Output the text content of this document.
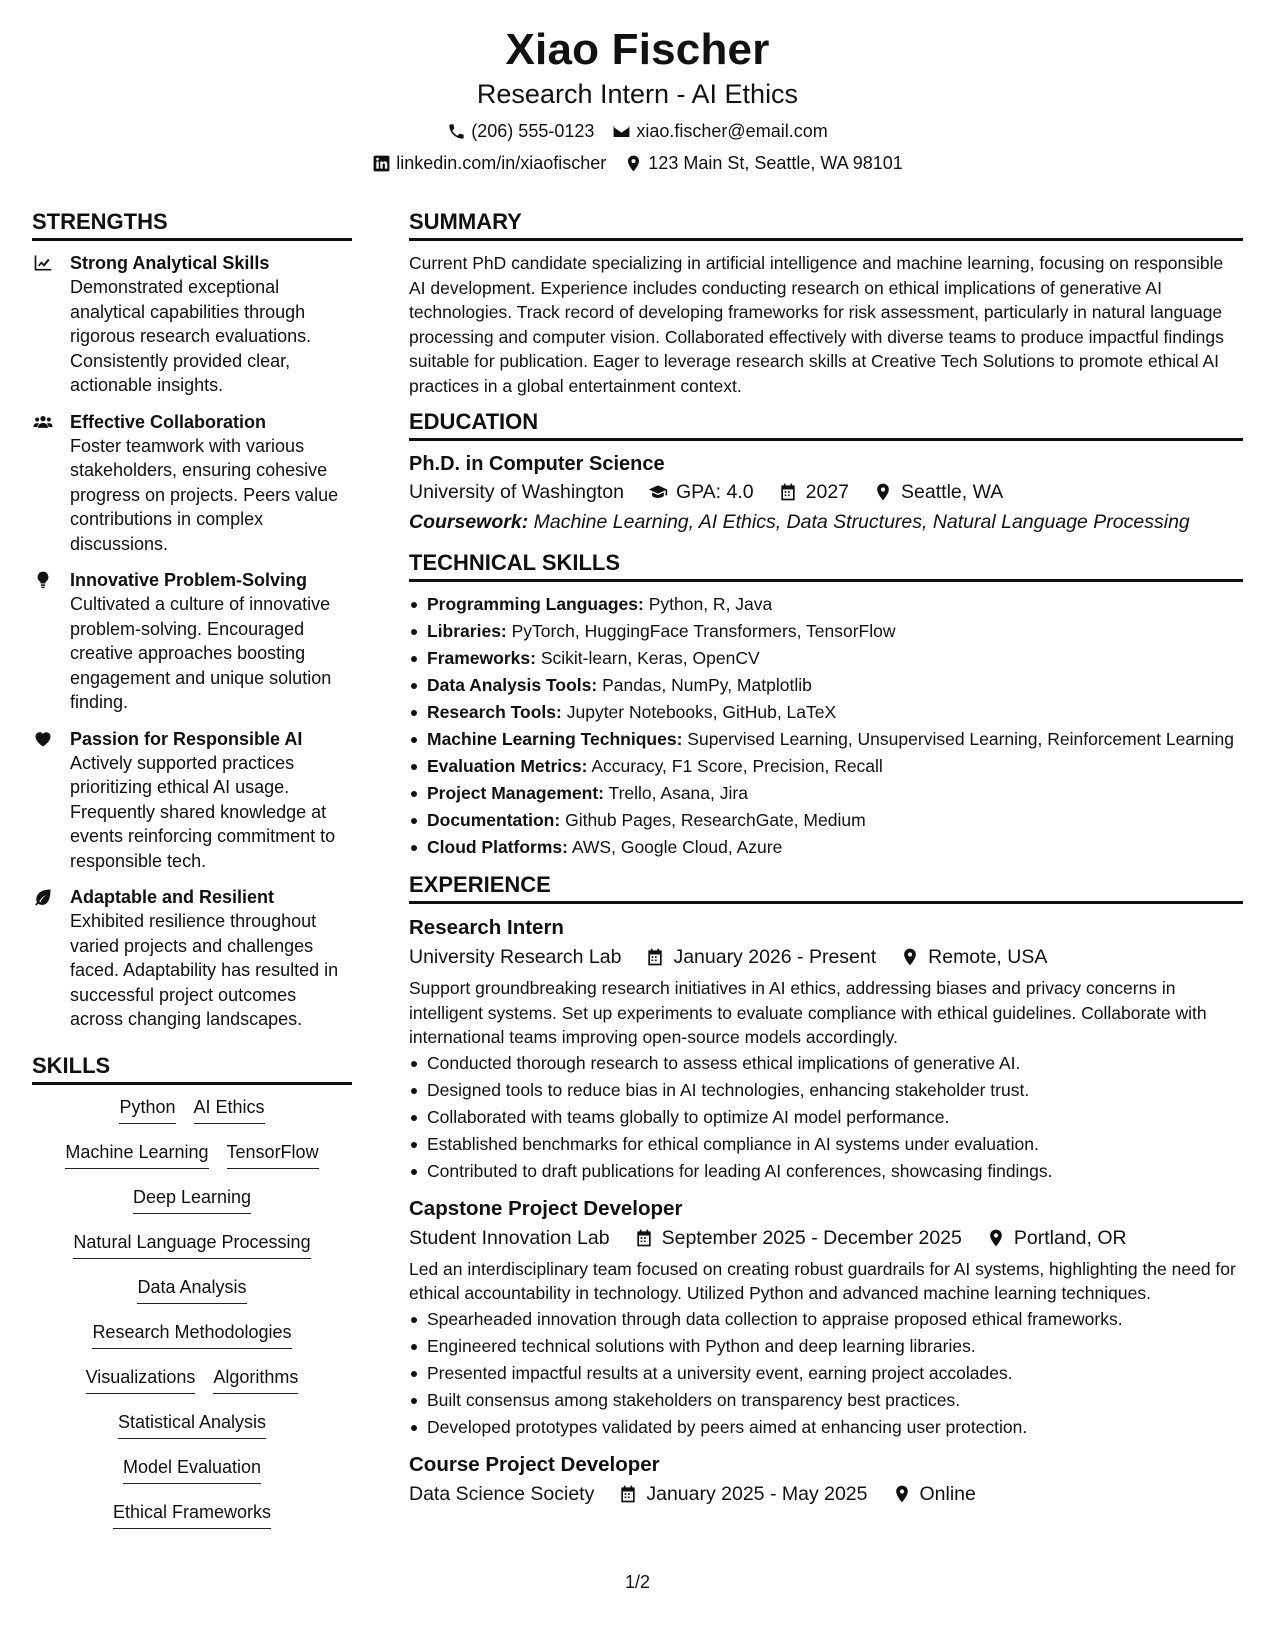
Xiao Fischer
Research Intern - AI Ethics
(206) 555-0123 xiao.fischer@email.com
linkedin.com/in/xiaofischer 123 Main St, Seattle, WA 98101
STRENGTHS
Strong Analytical Skills
Demonstrated exceptional analytical capabilities through rigorous research evaluations. Consistently provided clear, actionable insights.
Effective Collaboration
Foster teamwork with various stakeholders, ensuring cohesive progress on projects. Peers value contributions in complex discussions.
Innovative Problem-Solving
Cultivated a culture of innovative problem-solving. Encouraged creative approaches boosting engagement and unique solution finding.
Passion for Responsible AI
Actively supported practices prioritizing ethical AI usage. Frequently shared knowledge at events reinforcing commitment to responsible tech.
Adaptable and Resilient
Exhibited resilience throughout varied projects and challenges faced. Adaptability has resulted in successful project outcomes across changing landscapes.
SKILLS
Python AI Ethics
Machine Learning TensorFlow
Deep Learning
Natural Language Processing
Data Analysis
Research Methodologies
Visualizations Algorithms
Statistical Analysis
Model Evaluation
Ethical Frameworks
SUMMARY
Current PhD candidate specializing in artificial intelligence and machine learning, focusing on responsible AI development. Experience includes conducting research on ethical implications of generative AI technologies. Track record of developing frameworks for risk assessment, particularly in natural language processing and computer vision. Collaborated effectively with diverse teams to produce impactful findings suitable for publication. Eager to leverage research skills at Creative Tech Solutions to promote ethical AI practices in a global entertainment context.
EDUCATION
Ph.D. in Computer Science
University of Washington	GPA: 4.0	2027	Seattle, WA
Coursework: Machine Learning, AI Ethics, Data Structures, Natural Language Processing
TECHNICAL SKILLS
Programming Languages: Python, R, Java
Libraries: PyTorch, HuggingFace Transformers, TensorFlow
Frameworks: Scikit-learn, Keras, OpenCV
Data Analysis Tools: Pandas, NumPy, Matplotlib
Research Tools: Jupyter Notebooks, GitHub, LaTeX
Machine Learning Techniques: Supervised Learning, Unsupervised Learning, Reinforcement Learning
Evaluation Metrics: Accuracy, F1 Score, Precision, Recall
Project Management: Trello, Asana, Jira
Documentation: Github Pages, ResearchGate, Medium
Cloud Platforms: AWS, Google Cloud, Azure
EXPERIENCE
Research Intern
University Research Lab	January 2026 - Present	Remote, USA
Support groundbreaking research initiatives in AI ethics, addressing biases and privacy concerns in intelligent systems. Set up experiments to evaluate compliance with ethical guidelines. Collaborate with international teams improving open-source models accordingly.
Conducted thorough research to assess ethical implications of generative AI.
Designed tools to reduce bias in AI technologies, enhancing stakeholder trust.
Collaborated with teams globally to optimize AI model performance.
Established benchmarks for ethical compliance in AI systems under evaluation.
Contributed to draft publications for leading AI conferences, showcasing findings.
Capstone Project Developer
Student Innovation Lab	September 2025 - December 2025	Portland, OR
Led an interdisciplinary team focused on creating robust guardrails for AI systems, highlighting the need for ethical accountability in technology. Utilized Python and advanced machine learning techniques.
Spearheaded innovation through data collection to appraise proposed ethical frameworks.
Engineered technical solutions with Python and deep learning libraries.
Presented impactful results at a university event, earning project accolades.
Built consensus among stakeholders on transparency best practices.
Developed prototypes validated by peers aimed at enhancing user protection.
Course Project Developer
Data Science Society	January 2025 - May 2025	Online
1/2
